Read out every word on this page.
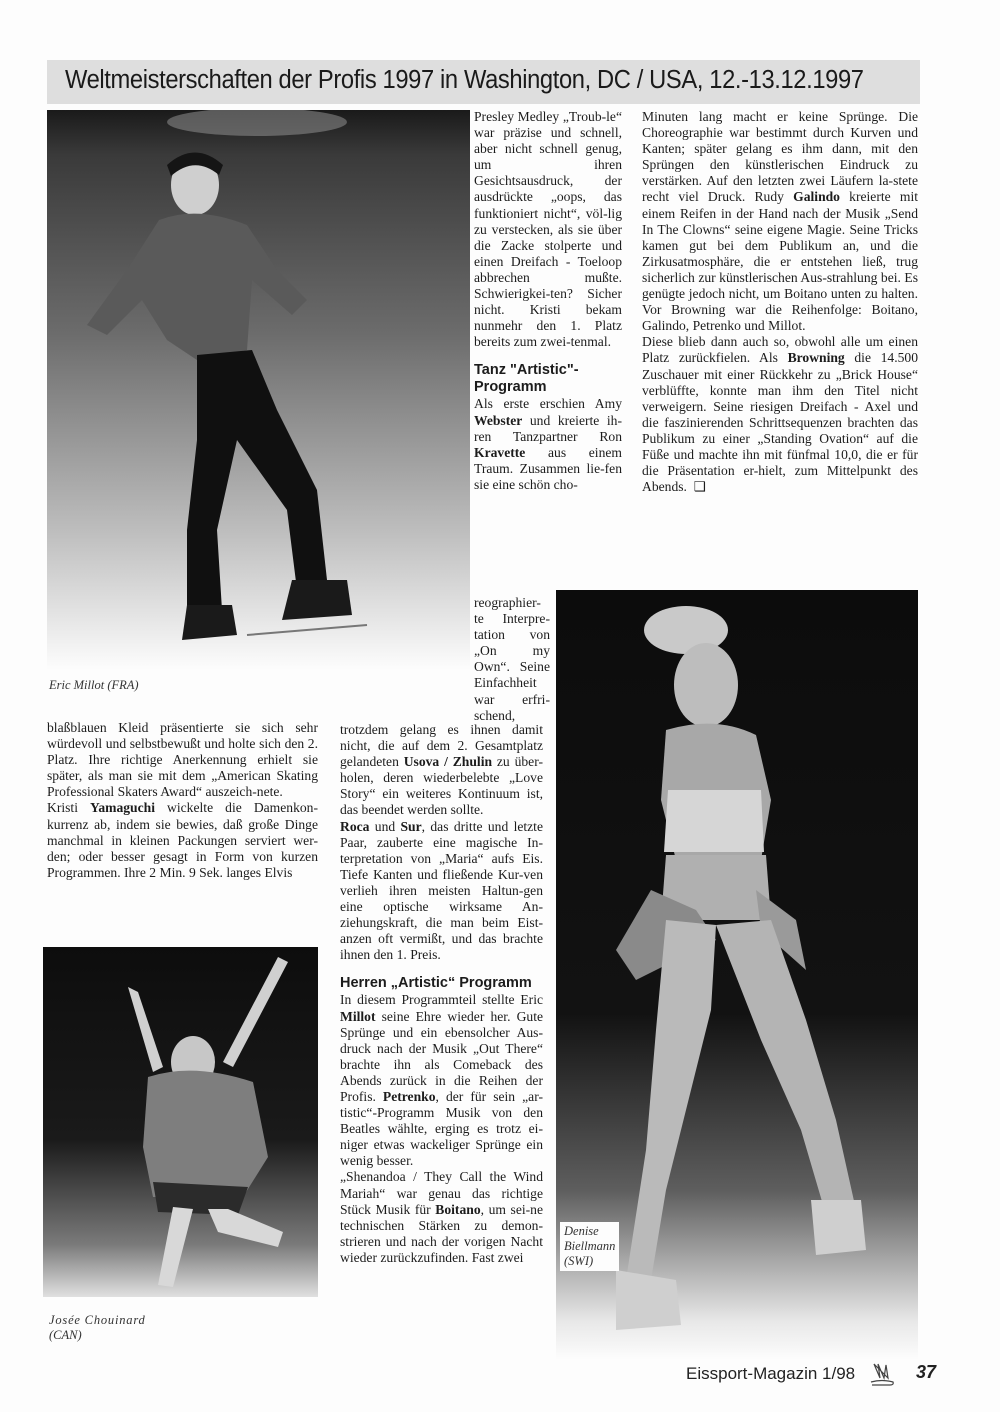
Weltmeisterschaften der Profis 1997 in Washington, DC / USA, 12.-13.12.1997
Eric Millot (FRA)

Presley Medley „Troub-le“ war präzise und schnell, aber nicht schnell genug, um ihren Gesichtsausdruck, der ausdrückte „oops, das funktioniert nicht“, völ-lig zu verstecken, als sie über die Zacke stolperte und einen Dreifach - Toeloop abbrechen mußte. Schwierigkei-ten? Sicher nicht. Kristi bekam nunmehr den 1. Platz bereits zum zwei-tenmal.

Tanz "Artistic"-Programm

Als erste erschien Amy Webster und kreierte ih-ren Tanzpartner Ron Kravette aus einem Traum. Zusammen lie-fen sie eine schön cho-

reographier-te Interpre-tation von „On my Own“. Seine Einfachheit war erfri-schend,

Minuten lang macht er keine Sprünge. Die Choreographie war bestimmt durch Kurven und Kanten; später gelang es ihm dann, mit den Sprüngen den künstlerischen Eindruck zu verstärken. Auf den letzten zwei Läufern la-stete recht viel Druck. Rudy Galindo kreierte mit einem Reifen in der Hand nach der Musik „Send In The Clowns“ seine eigene Magie. Seine Tricks kamen gut bei dem Publikum an, und die Zirkusatmosphäre, die er entstehen ließ, trug sicherlich zur künstlerischen Aus-strahlung bei. Es genügte jedoch nicht, um Boitano unten zu halten. Vor Browning war die Reihenfolge: Boitano, Galindo, Petrenko und Millot.

Diese blieb dann auch so, obwohl alle um einen Platz zurückfielen. Als Browning die 14.500 Zuschauer mit einer Rückkehr zu „Brick House“ verblüffte, konnte man ihm den Titel nicht verweigern. Seine riesigen Dreifach - Axel und die faszinierenden Schrittsequenzen brachten das Publikum zu einer „Standing Ovation“ auf die Füße und machte ihn mit fünfmal 10,0, die er für die Präsentation er-hielt, zum Mittelpunkt des Abends. ❑

blaßblauen Kleid präsentierte sie sich sehr würdevoll und selbstbewußt und holte sich den 2. Platz. Ihre richtige Anerkennung erhielt sie später, als man sie mit dem „American Skating Professional Skaters Award“ auszeich-nete.

Kristi Yamaguchi wickelte die Damenkon-kurrenz ab, indem sie bewies, daß große Dinge manchmal in kleinen Packungen serviert wer-den; oder besser gesagt in Form von kurzen Programmen. Ihre 2 Min. 9 Sek. langes Elvis

Josée Chouinard
(CAN)

trotzdem gelang es ihnen damit nicht, die auf dem 2. Gesamtplatz gelandeten Usova / Zhulin zu über-holen, deren wiederbelebte „Love Story“ ein weiteres Kontinuum ist, das beendet werden sollte.

Roca und Sur, das dritte und letzte Paar, zauberte eine magische In-terpretation von „Maria“ aufs Eis. Tiefe Kanten und fließende Kur-ven verlieh ihren meisten Haltun-gen eine optische wirksame An-ziehungskraft, die man beim Eist-anzen oft vermißt, und das brachte ihnen den 1. Preis.

Herren „Artistic“ Programm

In diesem Programmteil stellte Eric Millot seine Ehre wieder her. Gute Sprünge und ein ebensolcher Aus-druck nach der Musik „Out There“ brachte ihn als Comeback des Abends zurück in die Reihen der Profis. Petrenko, der für sein „ar-tistic“-Programm Musik von den Beatles wählte, erging es trotz ei-niger etwas wackeliger Sprünge ein wenig besser.

„Shenandoa / They Call the Wind Mariah“ war genau das richtige Stück Musik für Boitano, um sei-ne technischen Stärken zu demon-strieren und nach der vorigen Nacht wieder zurückzufinden. Fast zwei

Denise
Biellmann
(SWI)
Eissport-Magazin 1/98	37
